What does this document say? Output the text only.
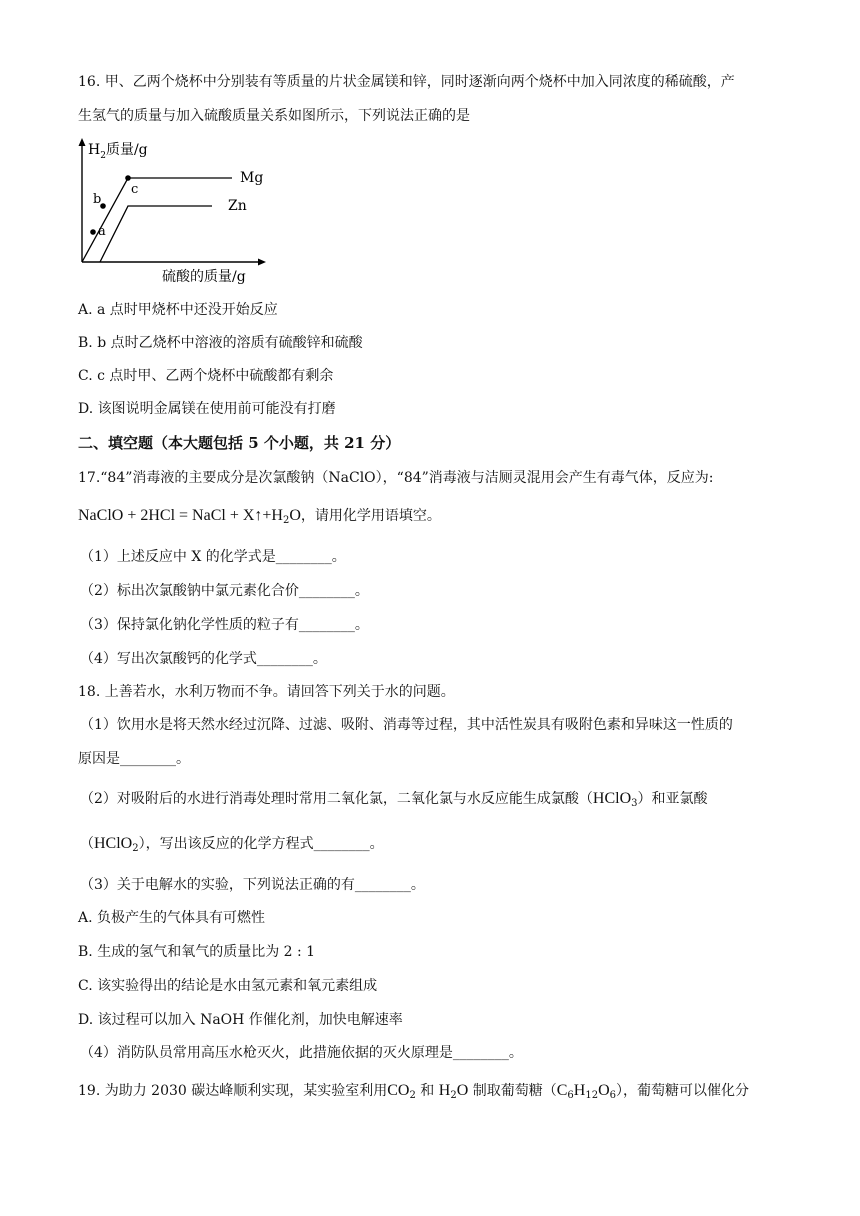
16. 甲、乙两个烧杯中分别装有等质量的片状金属镁和锌，同时逐渐向两个烧杯中加入同浓度的稀硫酸，产
生氢气的质量与加入硫酸质量关系如图所示，下列说法正确的是
$H_2$质量/g
a
b
c
Mg
Zn
硫酸的质量/g
A. a 点时甲烧杯中还没开始反应
B. b 点时乙烧杯中溶液的溶质有硫酸锌和硫酸
C. c 点时甲、乙两个烧杯中硫酸都有剩余
D. 该图说明金属镁在使用前可能没有打磨
二、填空题（本大题包括 5 个小题，共 21 分）
17.“84”消毒液的主要成分是次氯酸钠（NaClO），“84”消毒液与洁厕灵混用会产生有毒气体，反应为:
NaClO + 2HCl = NaCl + $X↑+H_2O$，请用化学用语填空。
（1）上述反应中 X 的化学式是________。
（2）标出次氯酸钠中氯元素化合价________。
（3）保持氯化钠化学性质的粒子有________。
（4）写出次氯酸钙的化学式________。
18. 上善若水，水利万物而不争。请回答下列关于水的问题。
（1）饮用水是将天然水经过沉降、过滤、吸附、消毒等过程，其中活性炭具有吸附色素和异味这一性质的
原因是________。
（2）对吸附后的水进行消毒处理时常用二氧化氯，二氧化氯与水反应能生成氯酸（HClO$_3$）和亚氯酸
（HClO$_2$），写出该反应的化学方程式________。
（3）关于电解水的实验，下列说法正确的有________。
A. 负极产生的气体具有可燃性
B. 生成的氢气和氧气的质量比为 2 : 1
C. 该实验得出的结论是水由氢元素和氧元素组成
D. 该过程可以加入 NaOH 作催化剂，加快电解速率
（4）消防队员常用高压水枪灭火，此措施依据的灭火原理是________。
19. 为助力 2030 碳达峰顺利实现，某实验室利用$CO_2$ 和 $H_2O$ 制取葡萄糖$(C_6H_{12}O_6)$，葡萄糖可以催化分
